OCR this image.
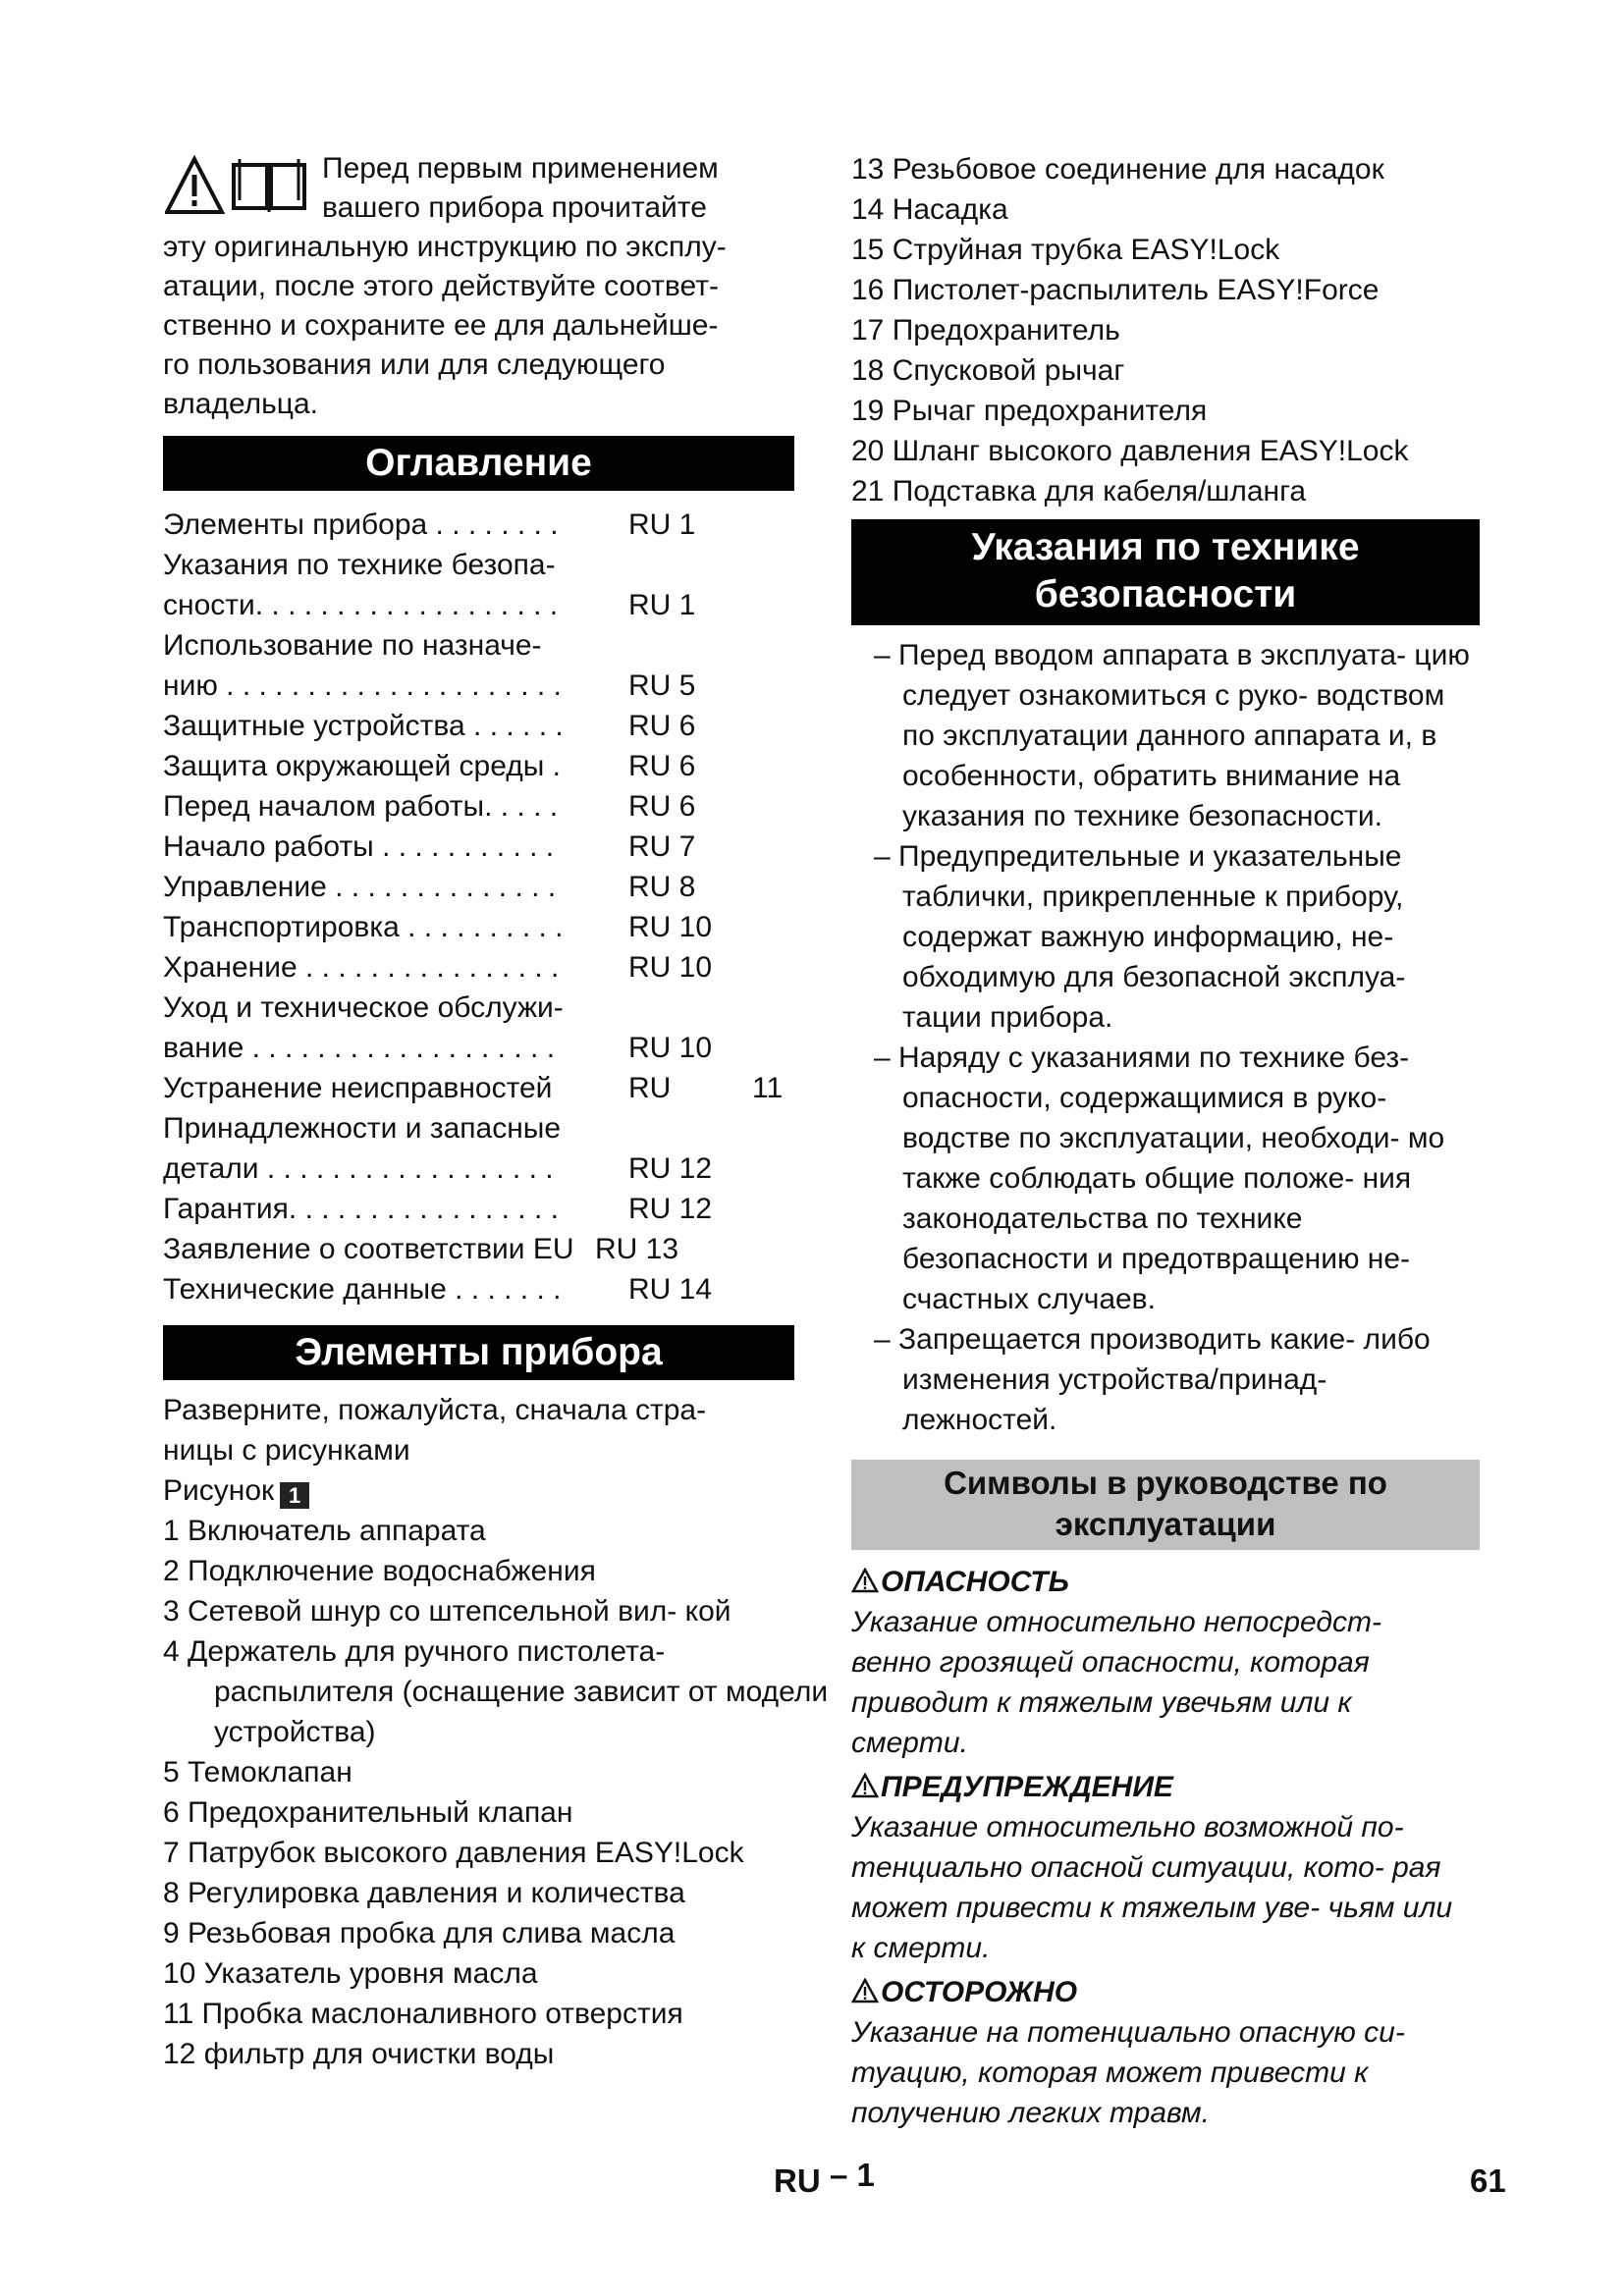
Перед первым применением
вашего прибора прочитайте
эту оригинальную инструкцию по эксплу-
атации, после этого действуйте соответ-
ственно и сохраните ее для дальнейше-
го пользования или для следующего
владельца.
Оглавление
Элементы прибора . . . . . . . . RU 1
Указания по технике безопа-
сности. . . . . . . . . . . . . . . . . . . RU 1
Использование по назначе-
нию . . . . . . . . . . . . . . . . . . . . . RU 5
Защитные устройства . . . . . . RU 6
Защита окружающей среды . RU 6
Перед началом работы. . . . . RU 6
Начало работы . . . . . . . . . . .	RU 7
Управление . . . . . . . . . . . . . . RU 8
Транспортировка . . . . . . . . . . RU 10
Хранение . . . . . . . . . . . . . . . . RU 10
Уход и техническое обслужи-
вание . . . . . . . . . . . . . . . . . . . RU 10
Устранение неисправностей	RU	11
Принадлежности и запасные
детали . . . . . . . . . . . . . . . . . .	RU 12
Гарантия. . . . . . . . . . . . . . . . . RU 12
Заявление о соответствии EU RU 13
Технические данные . . . . . . . RU 14
Элементы прибора
Разверните, пожалуйста, сначала стра-
ницы с рисунками
Рисунок 1
1 Включатель аппарата
2 Подключение водоснабжения
3 Сетевой шнур со штепсельной вил- кой
4 Держатель для ручного пистолета- распылителя (оснащение зависит от модели устройства)
5 Темоклапан
6 Предохранительный клапан
7 Патрубок высокого давления EASY!Lock
8 Регулировка давления и количества
9 Резьбовая пробка для слива масла
10 Указатель уровня масла
11 Пробка маслоналивного отверстия
12 фильтр для очистки воды
13 Резьбовое соединение для насадок
14 Насадка
15 Струйная трубка EASY!Lock
16 Пистолет-распылитель EASY!Force
17 Предохранитель
18 Спусковой рычаг
19 Рычаг предохранителя
20 Шланг высокого давления EASY!Lock
21 Подставка для кабеля/шланга
Указания по технике
безопасности
– Перед вводом аппарата в эксплуата- цию следует ознакомиться с руко- водством по эксплуатации данного аппарата и, в особенности, обратить внимание на указания по технике безопасности.
– Предупредительные и указательные таблички, прикрепленные к прибору, содержат важную информацию, не- обходимую для безопасной эксплуа- тации прибора.
– Наряду с указаниями по технике без- опасности, содержащимися в руко- водстве по эксплуатации, необходи- мо также соблюдать общие положе- ния законодательства по технике безопасности и предотвращению не- счастных случаев.
– Запрещается производить какие- либо изменения устройства/принад- лежностей.
Символы в руководстве по
эксплуатации
ОПАСНОСТЬ
Указание относительно непосредст- венно грозящей опасности, которая приводит к тяжелым увечьям или к смерти.
ПРЕДУПРЕЖДЕНИЕ
Указание относительно возможной по- тенциально опасной ситуации, кото- рая может привести к тяжелым уве- чьям или к смерти.
ОСТОРОЖНО
Указание на потенциально опасную си- туацию, которая может привести к получению легких травм.
RU – 1	61
